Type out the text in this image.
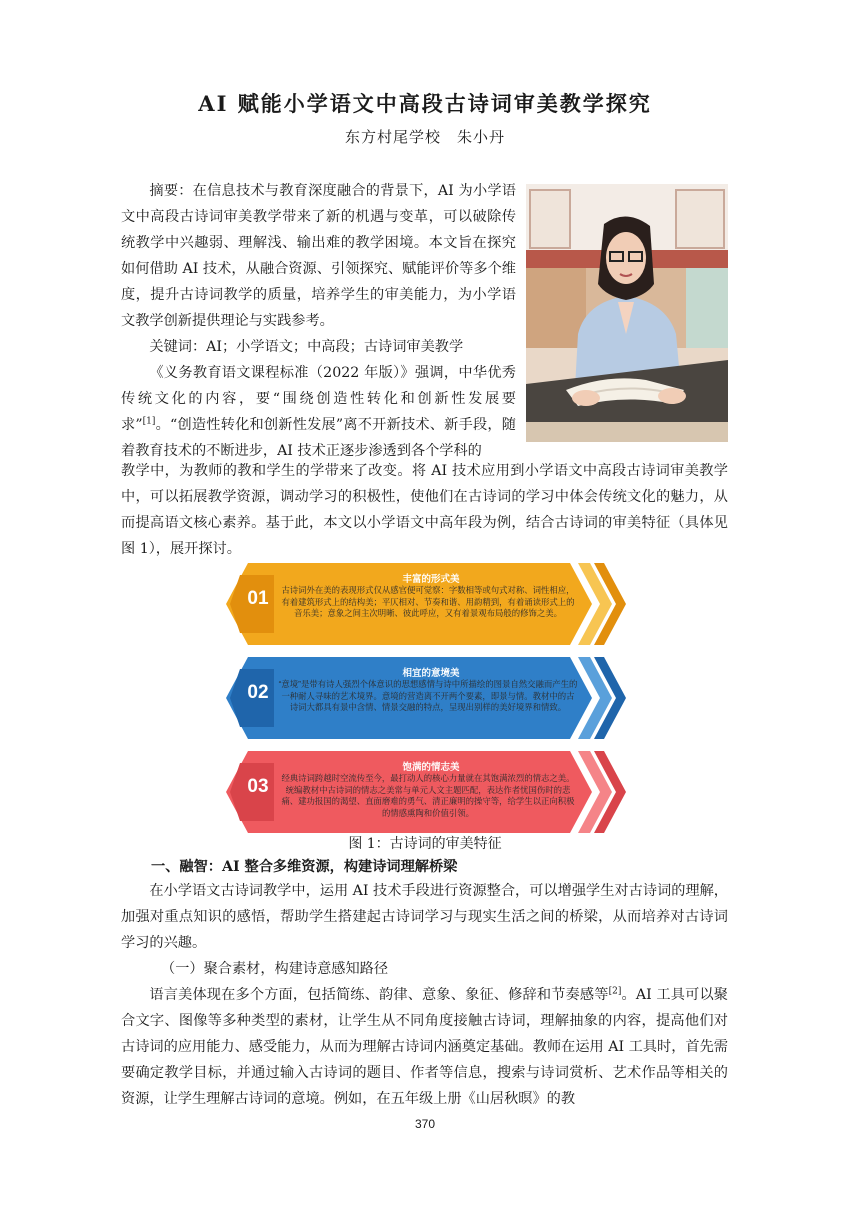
AI 赋能小学语文中高段古诗词审美教学探究
东方村尾学校　朱小丹

摘要：在信息技术与教育深度融合的背景下，AI 为小学语文中高段古诗词审美教学带来了新的机遇与变革，可以破除传统教学中兴趣弱、理解浅、输出难的教学困境。本文旨在探究如何借助 AI 技术，从融合资源、引领探究、赋能评价等多个维度，提升古诗词教学的质量，培养学生的审美能力，为小学语文教学创新提供理论与实践参考。

关键词：AI；小学语文；中高段；古诗词审美教学

《义务教育语文课程标准（2022 年版）》强调，中华优秀传统文化的内容，要“围绕创造性转化和创新性发展要求”[1]。“创造性转化和创新性发展”离不开新技术、新手段，随着教育技术的不断进步，AI 技术正逐步渗透到各个学科的

教学中，为教师的教和学生的学带来了改变。将 AI 技术应用到小学语文中高段古诗词审美教学中，可以拓展教学资源，调动学习的积极性，使他们在古诗词的学习中体会传统文化的魅力，从而提高语文核心素养。基于此，本文以小学语文中高年段为例，结合古诗词的审美特征（具体见图 1），展开探讨。

01
丰富的形式美
古诗词外在美的表现形式仅从感官便可觉察：字数相等或句式对称、词性相应，有着建筑形式上的结构美；平仄相对、节奏和谐、用韵精到，有着诵读形式上的音乐美；意象之间主次明晰、彼此呼应，又有着景观布局般的修饰之美。
02
相宜的意境美
“意境”是带有诗人强烈个体意识的思想感情与诗中所描绘的图景自然交融而产生的一种耐人寻味的艺术境界。意境的营造离不开两个要素，即景与情。教材中的古诗词大都具有景中含情、情景交融的特点，呈现出别样的美好境界和情致。
03
饱满的情志美
经典诗词跨越时空流传至今，最打动人的核心力量就在其饱满浓烈的情志之美。统编教材中古诗词的情志之美常与单元人文主题匹配，表达作者忧国伤时的悲痛、建功报国的渴望、直面磨难的勇气、清正廉明的操守等，给学生以正向积极的情感熏陶和价值引领。
图 1：古诗词的审美特征
一、融智：AI 整合多维资源，构建诗词理解桥梁

在小学语文古诗词教学中，运用 AI 技术手段进行资源整合，可以增强学生对古诗词的理解，加强对重点知识的感悟，帮助学生搭建起古诗词学习与现实生活之间的桥梁，从而培养对古诗词学习的兴趣。

（一）聚合素材，构建诗意感知路径

语言美体现在多个方面，包括简练、韵律、意象、象征、修辞和节奏感等[2]。AI 工具可以聚合文字、图像等多种类型的素材，让学生从不同角度接触古诗词，理解抽象的内容，提高他们对古诗词的应用能力、感受能力，从而为理解古诗词内涵奠定基础。教师在运用 AI 工具时，首先需要确定教学目标，并通过输入古诗词的题目、作者等信息，搜索与诗词赏析、艺术作品等相关的资源，让学生理解古诗词的意境。例如，在五年级上册《山居秋暝》的教

370
